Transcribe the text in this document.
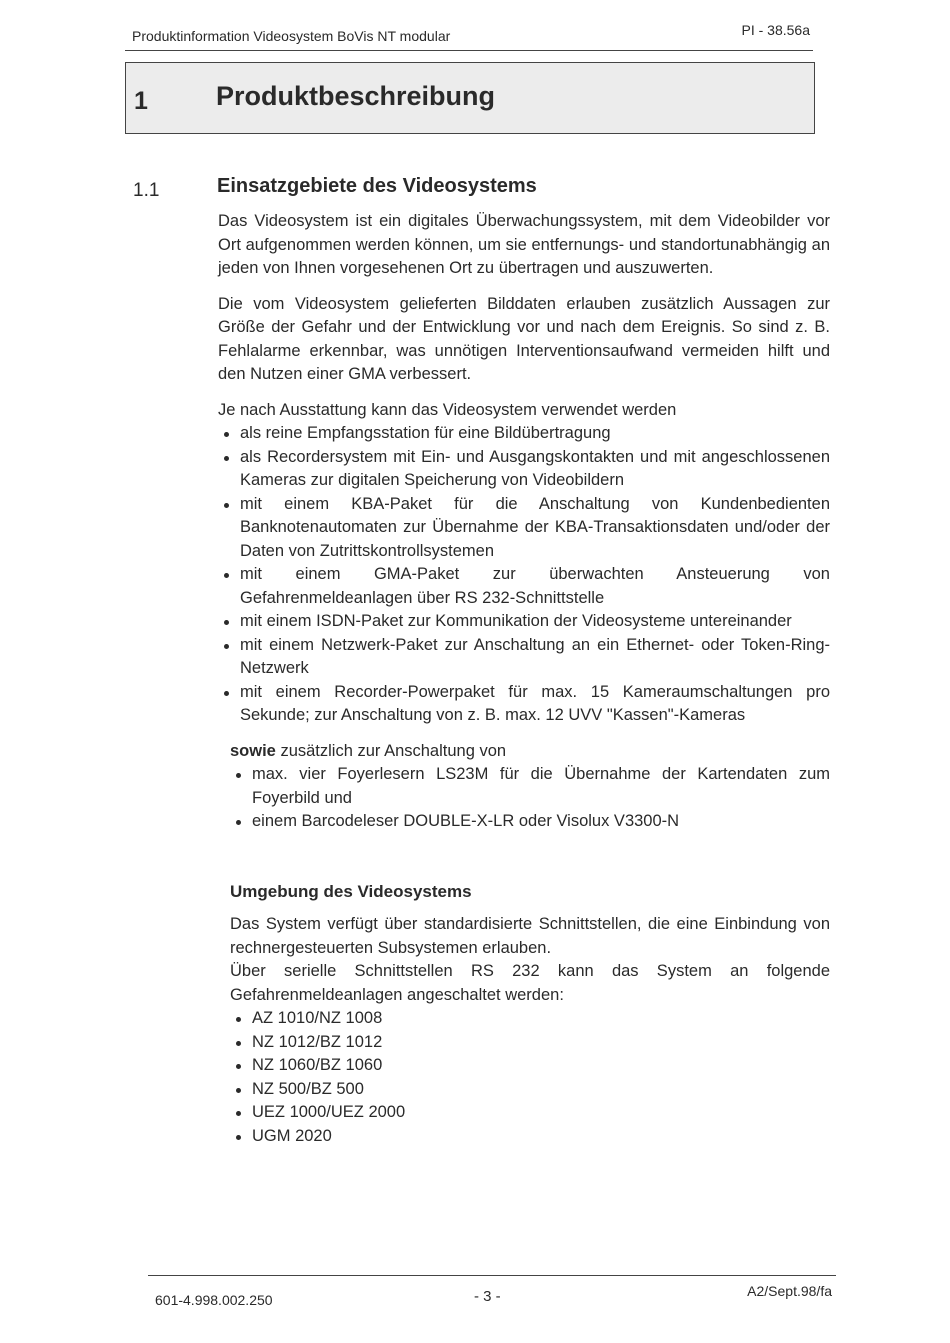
Produktinformation Videosystem BoVis NT modular	PI - 38.56a
1	Produktbeschreibung
1.1	Einsatzgebiete des Videosystems

Das Videosystem ist ein digitales Überwachungssystem, mit dem Videobilder vor Ort aufgenommen werden können, um sie entfernungs- und standortunabhängig an jeden von Ihnen vorgesehenen Ort zu übertragen und auszuwerten.

Die vom Videosystem gelieferten Bilddaten erlauben zusätzlich Aussagen zur Größe der Gefahr und der Entwicklung vor und nach dem Ereignis. So sind z. B. Fehlalarme erkennbar, was unnötigen Interventionsaufwand vermeiden hilft und den Nutzen einer GMA verbessert.

Je nach Ausstattung kann das Videosystem verwendet werden

als reine Empfangsstation für eine Bildübertragung
als Recordersystem mit Ein- und Ausgangskontakten und mit angeschlossenen Kameras zur digitalen Speicherung von Videobildern
mit einem KBA-Paket für die Anschaltung von Kundenbedienten Banknotenautomaten zur Übernahme der KBA-Transaktionsdaten und/oder der Daten von Zutrittskontrollsystemen
mit einem GMA-Paket zur überwachten Ansteuerung von Gefahrenmeldeanlagen über RS 232-Schnittstelle
mit einem ISDN-Paket zur Kommunikation der Videosysteme untereinander
mit einem Netzwerk-Paket zur Anschaltung an ein Ethernet- oder Token-Ring-Netzwerk
mit einem Recorder-Powerpaket für max. 15 Kameraumschaltungen pro Sekunde; zur Anschaltung von z. B. max. 12 UVV "Kassen"-Kameras

sowie zusätzlich zur Anschaltung von

max. vier Foyerlesern LS23M für die Übernahme der Kartendaten zum Foyerbild und
einem Barcodeleser DOUBLE-X-LR oder Visolux V3300-N
Umgebung des Videosystems

Das System verfügt über standardisierte Schnittstellen, die eine Einbindung von rechnergesteuerten Subsystemen erlauben.

Über serielle Schnittstellen RS 232 kann das System an folgende Gefahrenmeldeanlagen angeschaltet werden:

AZ 1010/NZ 1008
NZ 1012/BZ 1012
NZ 1060/BZ 1060
NZ 500/BZ 500
UEZ 1000/UEZ 2000
UGM 2020
601-4.998.002.250	- 3 -	A2/Sept.98/fa
